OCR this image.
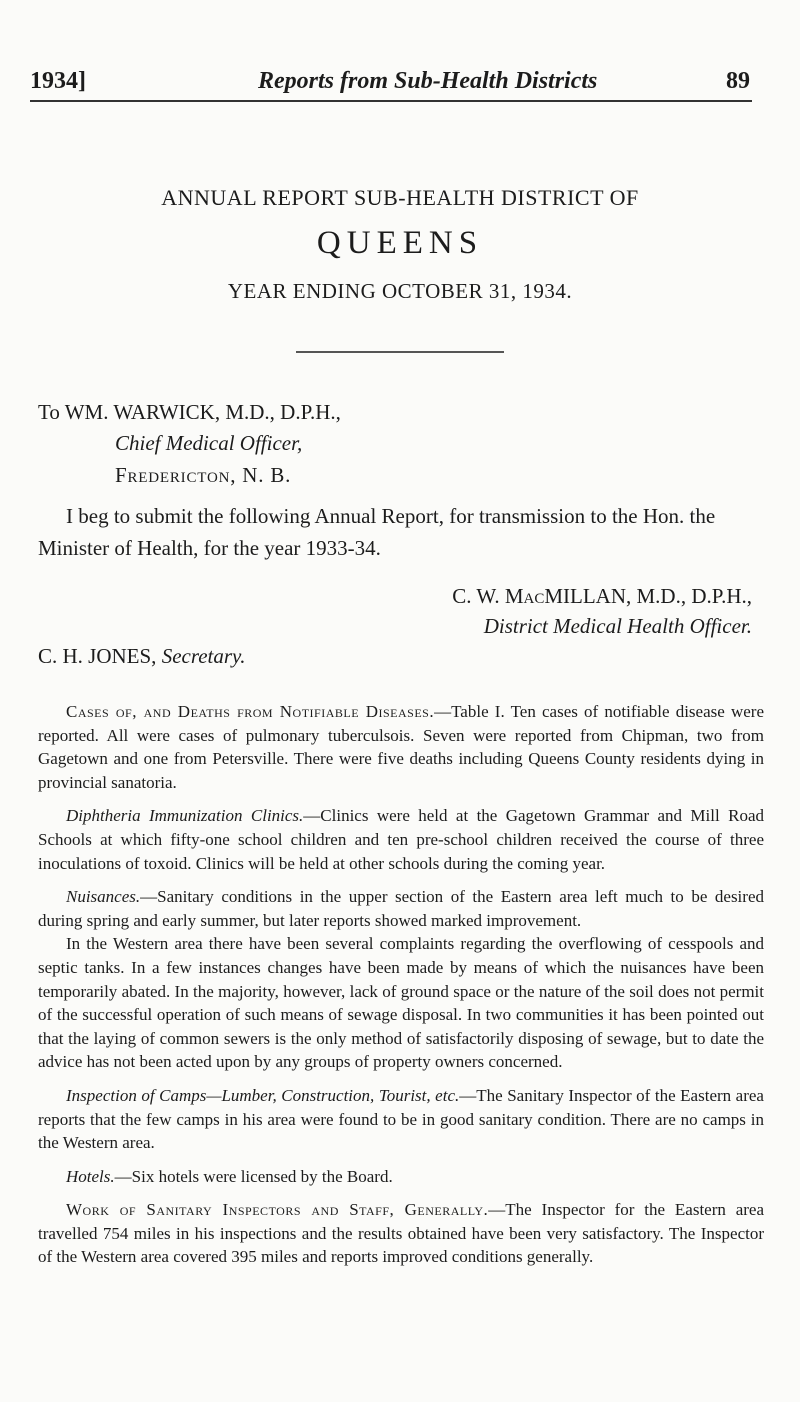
1934]	Reports from Sub-Health Districts	89
ANNUAL REPORT SUB-HEALTH DISTRICT OF
QUEENS
YEAR ENDING OCTOBER 31, 1934.
To WM. WARWICK, M.D., D.P.H.,
Chief Medical Officer,
Fredericton, N. B.

I beg to submit the following Annual Report, for transmission to the Hon. the Minister of Health, for the year 1933-34.

C. W. MacMILLAN, M.D., D.P.H.,
District Medical Health Officer.
C. H. JONES, Secretary.

Cases of, and Deaths from Notifiable Diseases.—Table I. Ten cases of notifiable disease were reported. All were cases of pulmonary tuberculsois. Seven were reported from Chipman, two from Gagetown and one from Petersville. There were five deaths including Queens County residents dying in provincial sanatoria.

Diphtheria Immunization Clinics.—Clinics were held at the Gagetown Grammar and Mill Road Schools at which fifty-one school children and ten pre-school children received the course of three inoculations of toxoid. Clinics will be held at other schools during the coming year.

Nuisances.—Sanitary conditions in the upper section of the Eastern area left much to be desired during spring and early summer, but later reports showed marked improvement.

In the Western area there have been several complaints regarding the overflowing of cesspools and septic tanks. In a few instances changes have been made by means of which the nuisances have been temporarily abated. In the majority, however, lack of ground space or the nature of the soil does not permit of the successful operation of such means of sewage disposal. In two communities it has been pointed out that the laying of common sewers is the only method of satisfactorily disposing of sewage, but to date the advice has not been acted upon by any groups of property owners concerned.

Inspection of Camps—Lumber, Construction, Tourist, etc.—The Sanitary Inspector of the Eastern area reports that the few camps in his area were found to be in good sanitary condition. There are no camps in the Western area.

Hotels.—Six hotels were licensed by the Board.

Work of Sanitary Inspectors and Staff, Generally.—The Inspector for the Eastern area travelled 754 miles in his inspections and the results obtained have been very satisfactory. The Inspector of the Western area covered 395 miles and reports improved conditions generally.
